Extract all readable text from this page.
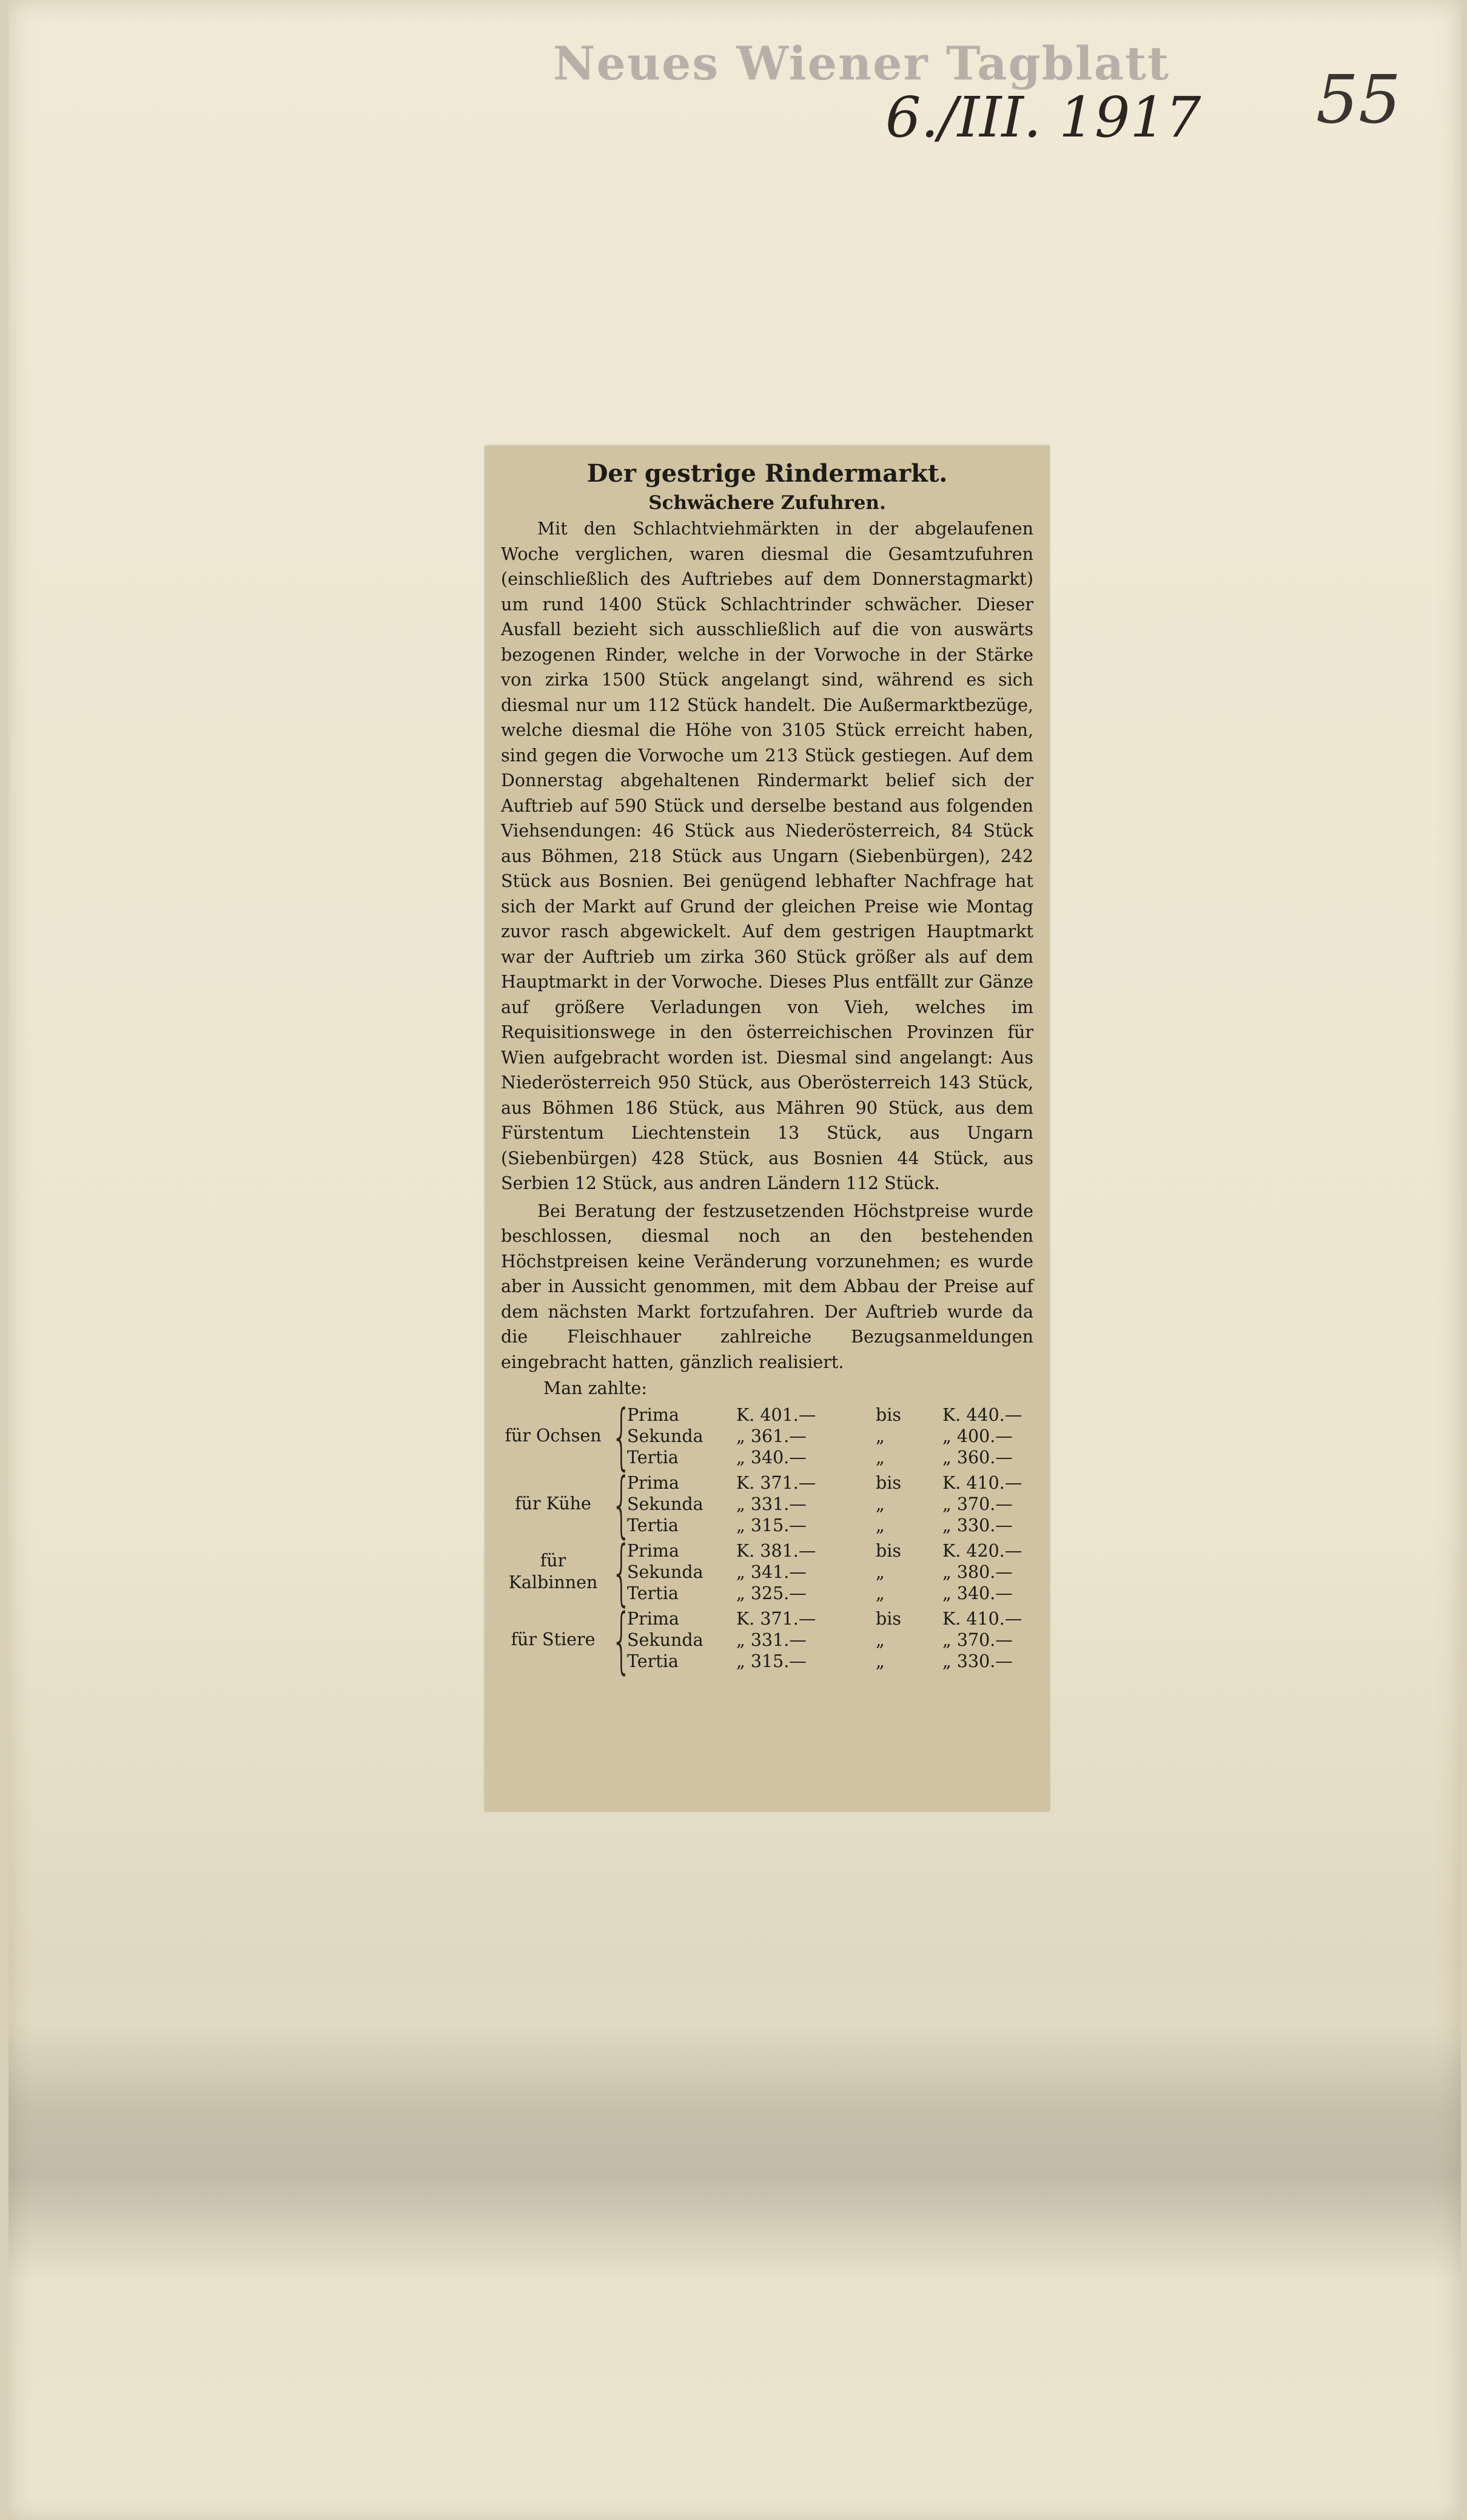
Neues Wiener Tagblatt
6./III. 1917 55
Der gestrige Rindermarkt.
Schwächere Zufuhren.

Mit den Schlachtviehmärkten in der abgelaufenen Woche verglichen, waren diesmal die Gesamtzufuhren (einschließlich des Auftriebes auf dem Donnerstagmarkt) um rund 1400 Stück Schlachtrinder schwächer. Dieser Ausfall bezieht sich ausschließlich auf die von auswärts bezogenen Rinder, welche in der Vorwoche in der Stärke von zirka 1500 Stück angelangt sind, während es sich diesmal nur um 112 Stück handelt. Die Außermarktbezüge, welche diesmal die Höhe von 3105 Stück erreicht haben, sind gegen die Vorwoche um 213 Stück gestiegen. Auf dem Donnerstag abgehaltenen Rindermarkt belief sich der Auftrieb auf 590 Stück und derselbe bestand aus folgenden Viehsendungen: 46 Stück aus Niederösterreich, 84 Stück aus Böhmen, 218 Stück aus Ungarn (Siebenbürgen), 242 Stück aus Bosnien. Bei genügend lebhafter Nachfrage hat sich der Markt auf Grund der gleichen Preise wie Montag zuvor rasch abgewickelt. Auf dem gestrigen Hauptmarkt war der Auftrieb um zirka 360 Stück größer als auf dem Hauptmarkt in der Vorwoche. Dieses Plus entfällt zur Gänze auf größere Verladungen von Vieh, welches im Requisitionswege in den österreichischen Provinzen für Wien aufgebracht worden ist. Diesmal sind angelangt: Aus Niederösterreich 950 Stück, aus Oberösterreich 143 Stück, aus Böhmen 186 Stück, aus Mähren 90 Stück, aus dem Fürstentum Liechtenstein 13 Stück, aus Ungarn (Siebenbürgen) 428 Stück, aus Bosnien 44 Stück, aus Serbien 12 Stück, aus andren Ländern 112 Stück.

Bei Beratung der festzusetzenden Höchstpreise wurde beschlossen, diesmal noch an den bestehenden Höchstpreisen keine Veränderung vorzunehmen; es wurde aber in Aussicht genommen, mit dem Abbau der Preise auf dem nächsten Markt fortzufahren. Der Auftrieb wurde da die Fleischhauer zahlreiche Bezugsanmeldungen eingebracht hatten, gänzlich realisiert.

Man zahlte:
für Ochsen {
Prima	K. 401.—	bis	K. 440.—
Sekunda	„ 361.—	„	„ 400.—
Tertia	„ 340.—	„	„ 360.—
für Kühe {
Prima	K. 371.—	bis	K. 410.—
Sekunda	„ 331.—	„	„ 370.—
Tertia	„ 315.—	„	„ 330.—
für Kalbinnen {
Prima	K. 381.—	bis	K. 420.—
Sekunda	„ 341.—	„	„ 380.—
Tertia	„ 325.—	„	„ 340.—
für Stiere {
Prima	K. 371.—	bis	K. 410.—
Sekunda	„ 331.—	„	„ 370.—
Tertia	„ 315.—	„	„ 330.—
